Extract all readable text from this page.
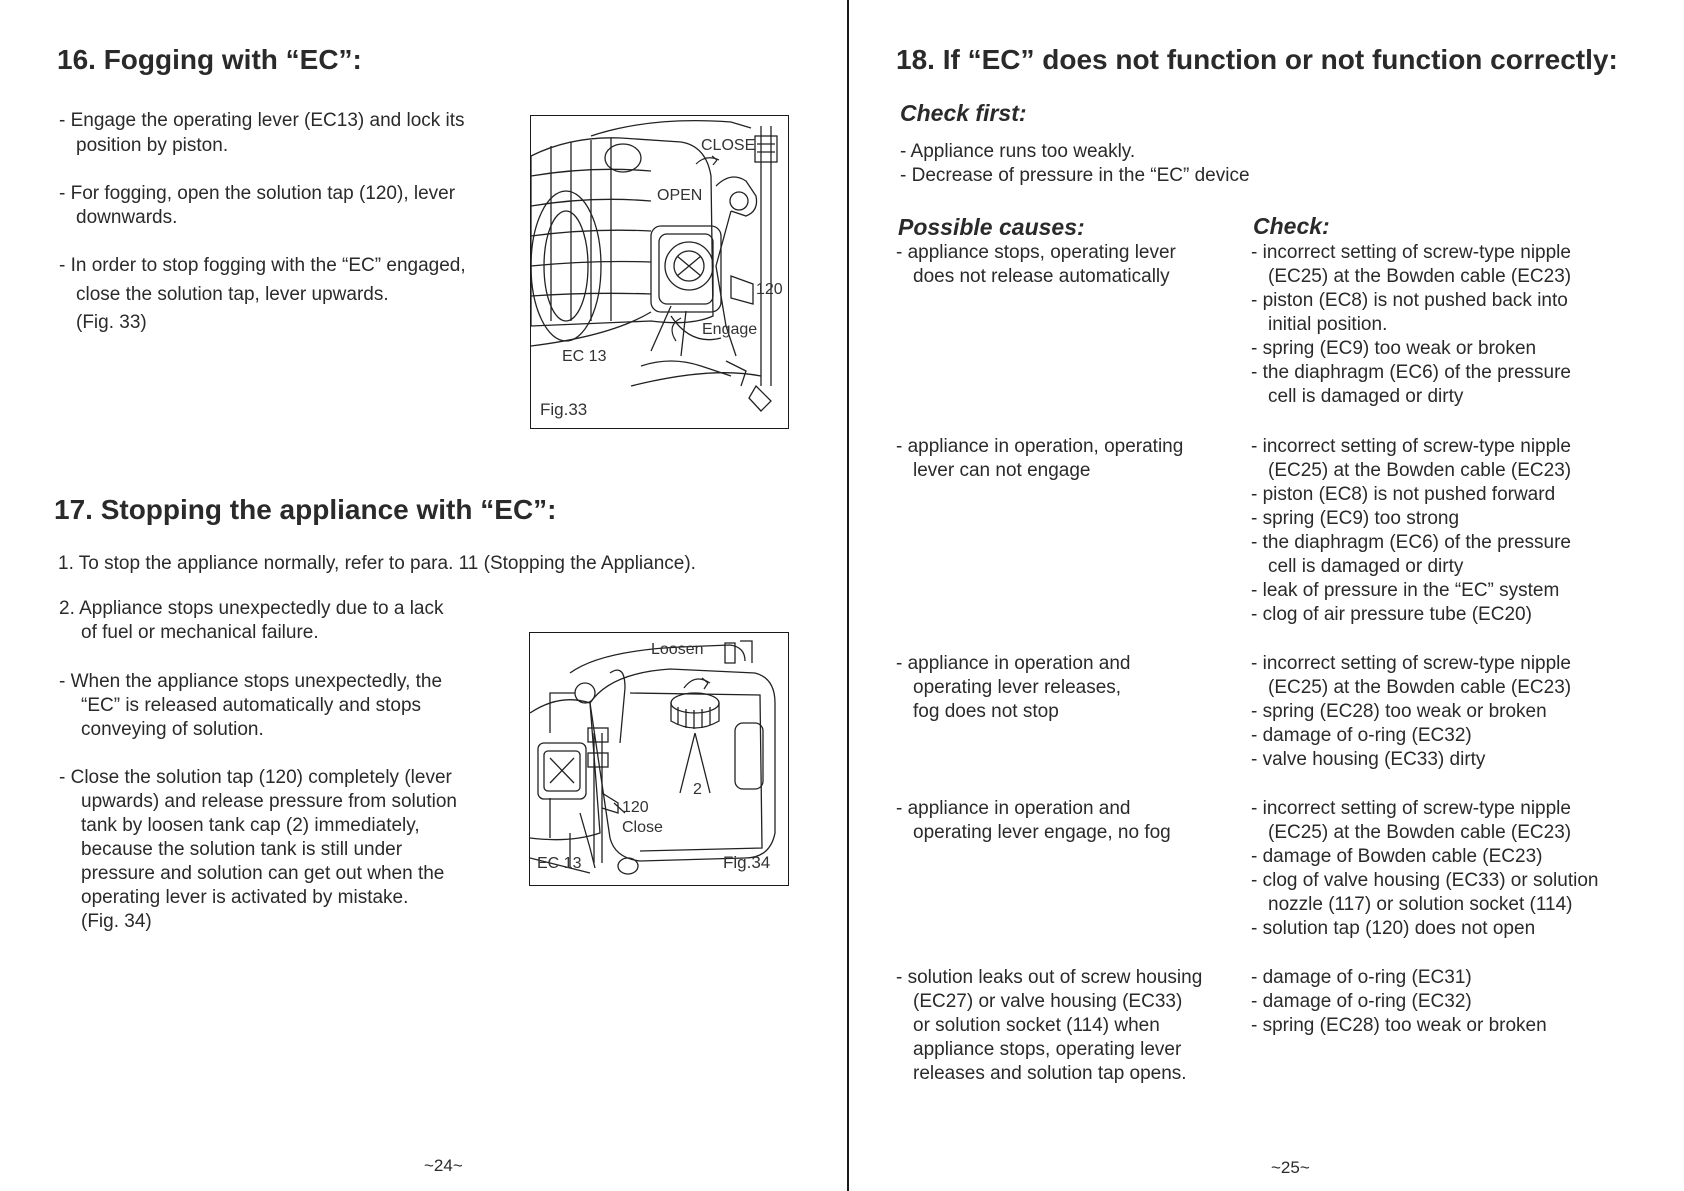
16. Fogging with “EC”:
- Engage the operating lever (EC13) and lock its
position by piston.
- For fogging, open the solution tap (120), lever
downwards.
- In order to stop fogging with the “EC” engaged,
close the solution tap, lever upwards.
(Fig. 33)
CLOSE
OPEN
120
Engage
EC 13
Fig.33
17. Stopping the appliance with “EC”:
1. To stop the appliance normally, refer to para. 11 (Stopping the Appliance).
2. Appliance stops unexpectedly due to a lack
of fuel or mechanical failure.
- When the appliance stops unexpectedly, the
“EC” is released automatically and stops
conveying of solution.
- Close the solution tap (120) completely (lever
upwards) and release pressure from solution
tank by loosen tank cap (2) immediately,
because the solution tank is still under
pressure and solution can get out when the
operating lever is activated by mistake.
(Fig. 34)
Loosen
2
120
Close
EC 13	Fig.34
~24~
18. If “EC” does not function or not function correctly:
Check first:
- Appliance runs too weakly.
- Decrease of pressure in the “EC” device
Possible causes:	Check:
- appliance stops, operating lever
does not release automatically
- incorrect setting of screw-type nipple
(EC25) at the Bowden cable (EC23)
- piston (EC8) is not pushed back into
initial position.
- spring (EC9) too weak or broken
- the diaphragm (EC6) of the pressure
cell is damaged or dirty
- appliance in operation, operating
lever can not engage
- incorrect setting of screw-type nipple
(EC25) at the Bowden cable (EC23)
- piston (EC8) is not pushed forward
- spring (EC9) too strong
- the diaphragm (EC6) of the pressure
cell is damaged or dirty
- leak of pressure in the “EC” system
- clog of air pressure tube (EC20)
- appliance in operation and
operating lever releases,
fog does not stop
- incorrect setting of screw-type nipple
(EC25) at the Bowden cable (EC23)
- spring (EC28) too weak or broken
- damage of o-ring (EC32)
- valve housing (EC33) dirty
- appliance in operation and
operating lever engage, no fog
- incorrect setting of screw-type nipple
(EC25) at the Bowden cable (EC23)
- damage of Bowden cable (EC23)
- clog of valve housing (EC33) or solution
nozzle (117) or solution socket (114)
- solution tap (120) does not open
- solution leaks out of screw housing
(EC27) or valve housing (EC33)
or solution socket (114) when
appliance stops, operating lever
releases and solution tap opens.
- damage of o-ring (EC31)
- damage of o-ring (EC32)
- spring (EC28) too weak or broken
~25~
